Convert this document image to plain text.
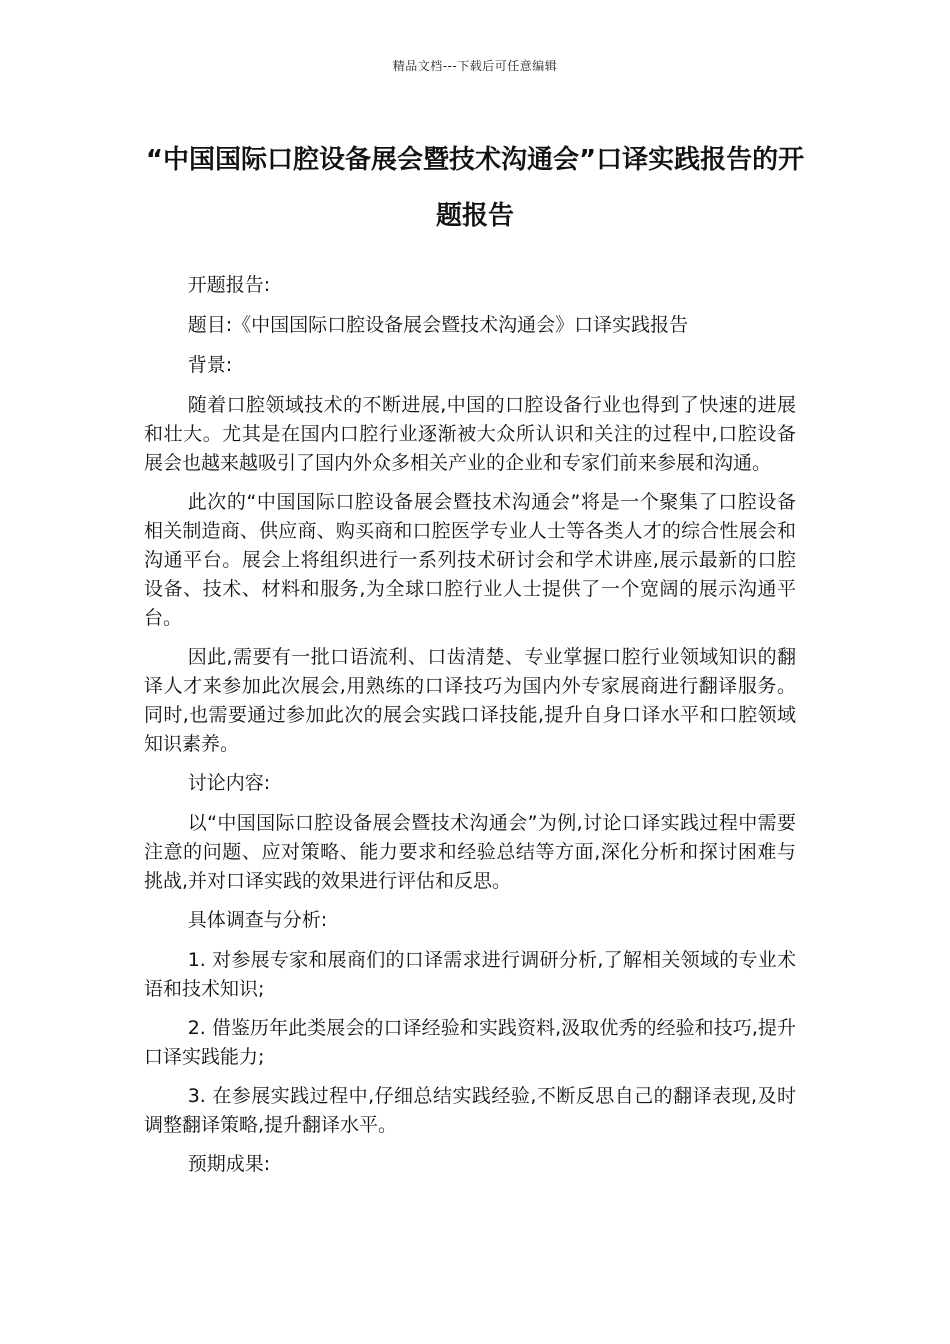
精品文档---下载后可任意编辑
“中国国际口腔设备展会暨技术沟通会”口译实践报告的开题报告

开题报告:

题目:《中国国际口腔设备展会暨技术沟通会》口译实践报告

背景:

随着口腔领域技术的不断进展,中国的口腔设备行业也得到了快速的进展和壮大。尤其是在国内口腔行业逐渐被大众所认识和关注的过程中,口腔设备展会也越来越吸引了国内外众多相关产业的企业和专家们前来参展和沟通。

此次的“中国国际口腔设备展会暨技术沟通会”将是一个聚集了口腔设备相关制造商、供应商、购买商和口腔医学专业人士等各类人才的综合性展会和沟通平台。展会上将组织进行一系列技术研讨会和学术讲座,展示最新的口腔设备、技术、材料和服务,为全球口腔行业人士提供了一个宽阔的展示沟通平台。

因此,需要有一批口语流利、口齿清楚、专业掌握口腔行业领域知识的翻译人才来参加此次展会,用熟练的口译技巧为国内外专家展商进行翻译服务。同时,也需要通过参加此次的展会实践口译技能,提升自身口译水平和口腔领域知识素养。

讨论内容:

以“中国国际口腔设备展会暨技术沟通会”为例,讨论口译实践过程中需要注意的问题、应对策略、能力要求和经验总结等方面,深化分析和探讨困难与挑战,并对口译实践的效果进行评估和反思。

具体调查与分析:

1. 对参展专家和展商们的口译需求进行调研分析,了解相关领域的专业术语和技术知识;

2. 借鉴历年此类展会的口译经验和实践资料,汲取优秀的经验和技巧,提升口译实践能力;

3. 在参展实践过程中,仔细总结实践经验,不断反思自己的翻译表现,及时调整翻译策略,提升翻译水平。

预期成果:
